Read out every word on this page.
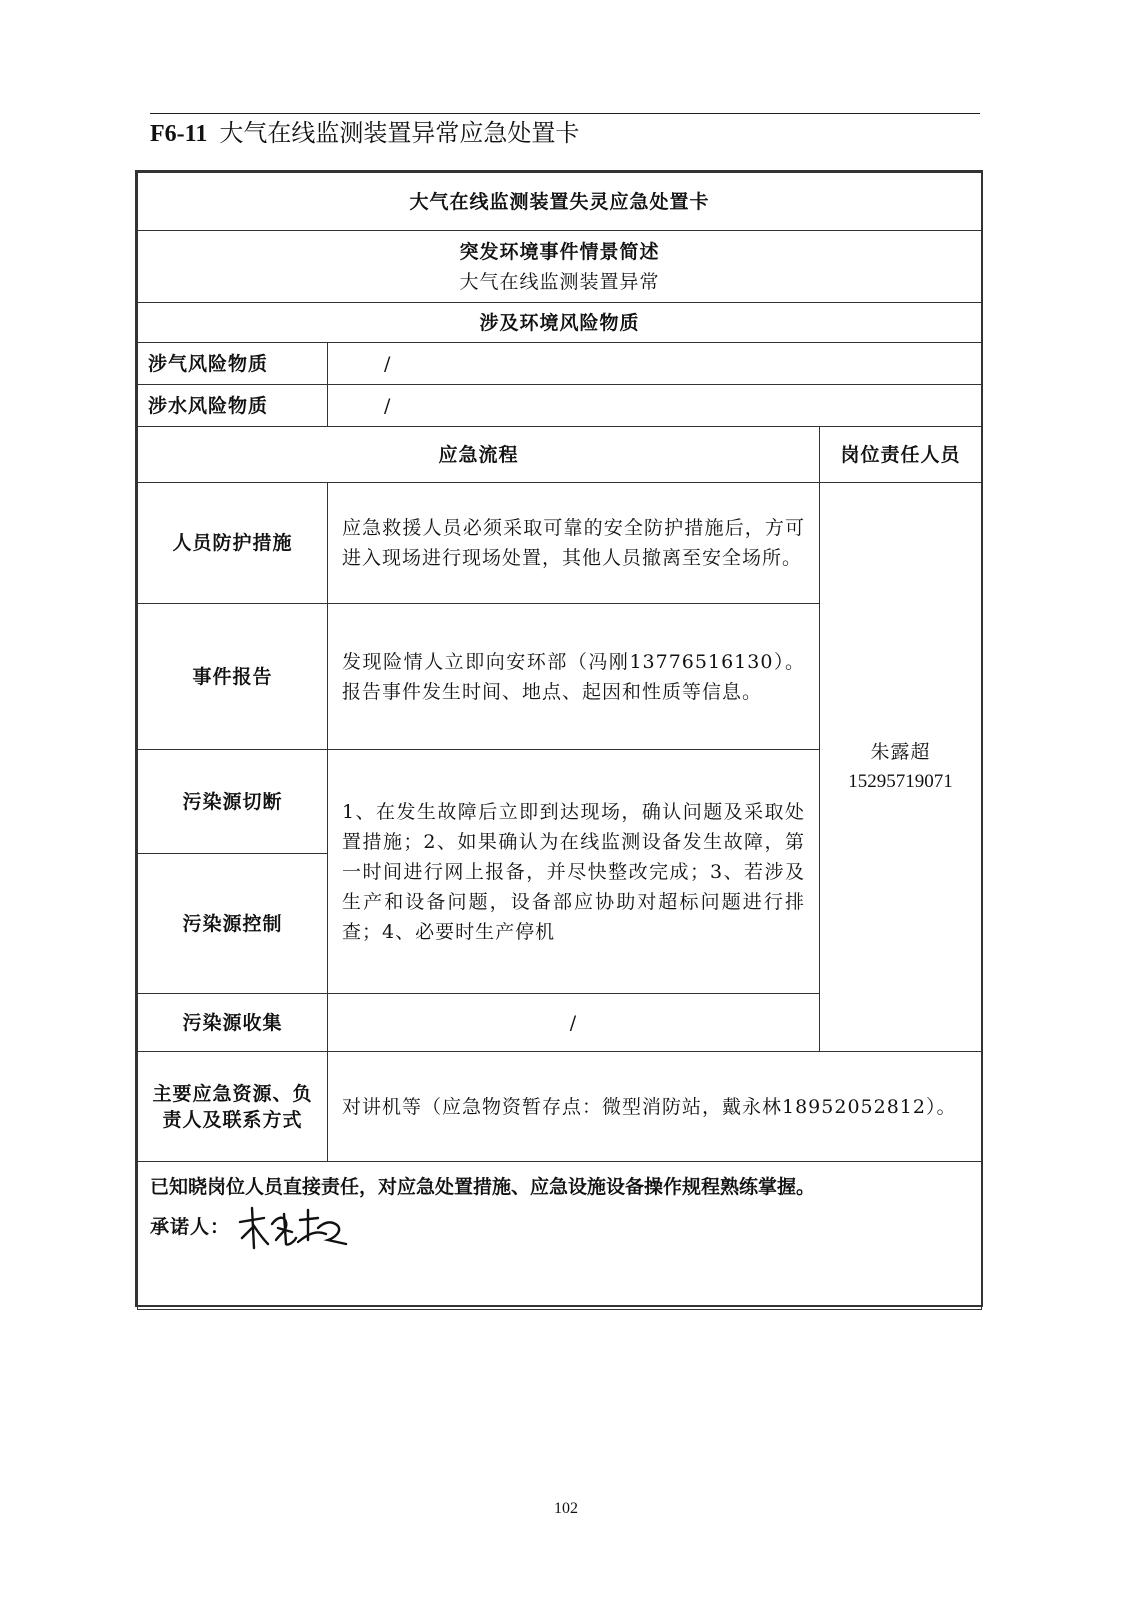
F6-11 大气在线监测装置异常应急处置卡
大气在线监测装置失灵应急处置卡		

突发环境事件情景简述
大气在线监测装置异常		

涉及环境风险物质		
涉气风险物质	/	
涉水风险物质	/	
应急流程		岗位责任人员
人员防护措施	应急救援人员必须采取可靠的安全防护措施后，方可进入现场进行现场处置，其他人员撤离至安全场所。	朱露超
15295719071

事件报告	发现险情人立即向安环部（冯刚13776516130）。报告事件发生时间、地点、起因和性质等信息。	
污染源切断	1、在发生故障后立即到达现场，确认问题及采取处置措施；2、如果确认为在线监测设备发生故障，第一时间进行网上报备，并尽快整改完成；3、若涉及生产和设备问题，设备部应协助对超标问题进行排查；4、必要时生产停机	
污染源控制		
污染源收集	/	
主要应急资源、负责人及联系方式	对讲机等（应急物资暂存点：微型消防站，戴永林18952052812）。	

已知晓岗位人员直接责任，对应急处置措施、应急设施设备操作规程熟练掌握。
承诺人：		
102
